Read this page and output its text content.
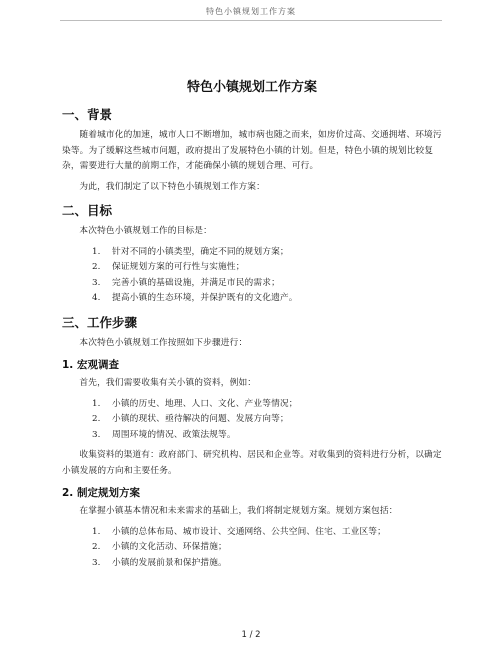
特色小镇规划工作方案
特色小镇规划工作方案
一、背景

随着城市化的加速，城市人口不断增加，城市病也随之而来，如房价过高、交通拥堵、环境污染等。为了缓解这些城市问题，政府提出了发展特色小镇的计划。但是，特色小镇的规划比较复杂，需要进行大量的前期工作，才能确保小镇的规划合理、可行。

为此，我们制定了以下特色小镇规划工作方案：

二、目标

本次特色小镇规划工作的目标是：

1. 针对不同的小镇类型，确定不同的规划方案；
2. 保证规划方案的可行性与实施性；
3. 完善小镇的基础设施，并满足市民的需求；
4. 提高小镇的生态环境，并保护既有的文化遗产。
三、工作步骤

本次特色小镇规划工作按照如下步骤进行：

1. 宏观调查

首先，我们需要收集有关小镇的资料，例如：

1. 小镇的历史、地理、人口、文化、产业等情况；
2. 小镇的现状、亟待解决的问题、发展方向等；
3. 周围环境的情况、政策法规等。

收集资料的渠道有：政府部门、研究机构、居民和企业等。对收集到的资料进行分析，以确定小镇发展的方向和主要任务。

2. 制定规划方案

在掌握小镇基本情况和未来需求的基础上，我们将制定规划方案。规划方案包括：

1. 小镇的总体布局、城市设计、交通网络、公共空间、住宅、工业区等；
2. 小镇的文化活动、环保措施；
3. 小镇的发展前景和保护措施。
1 / 2
